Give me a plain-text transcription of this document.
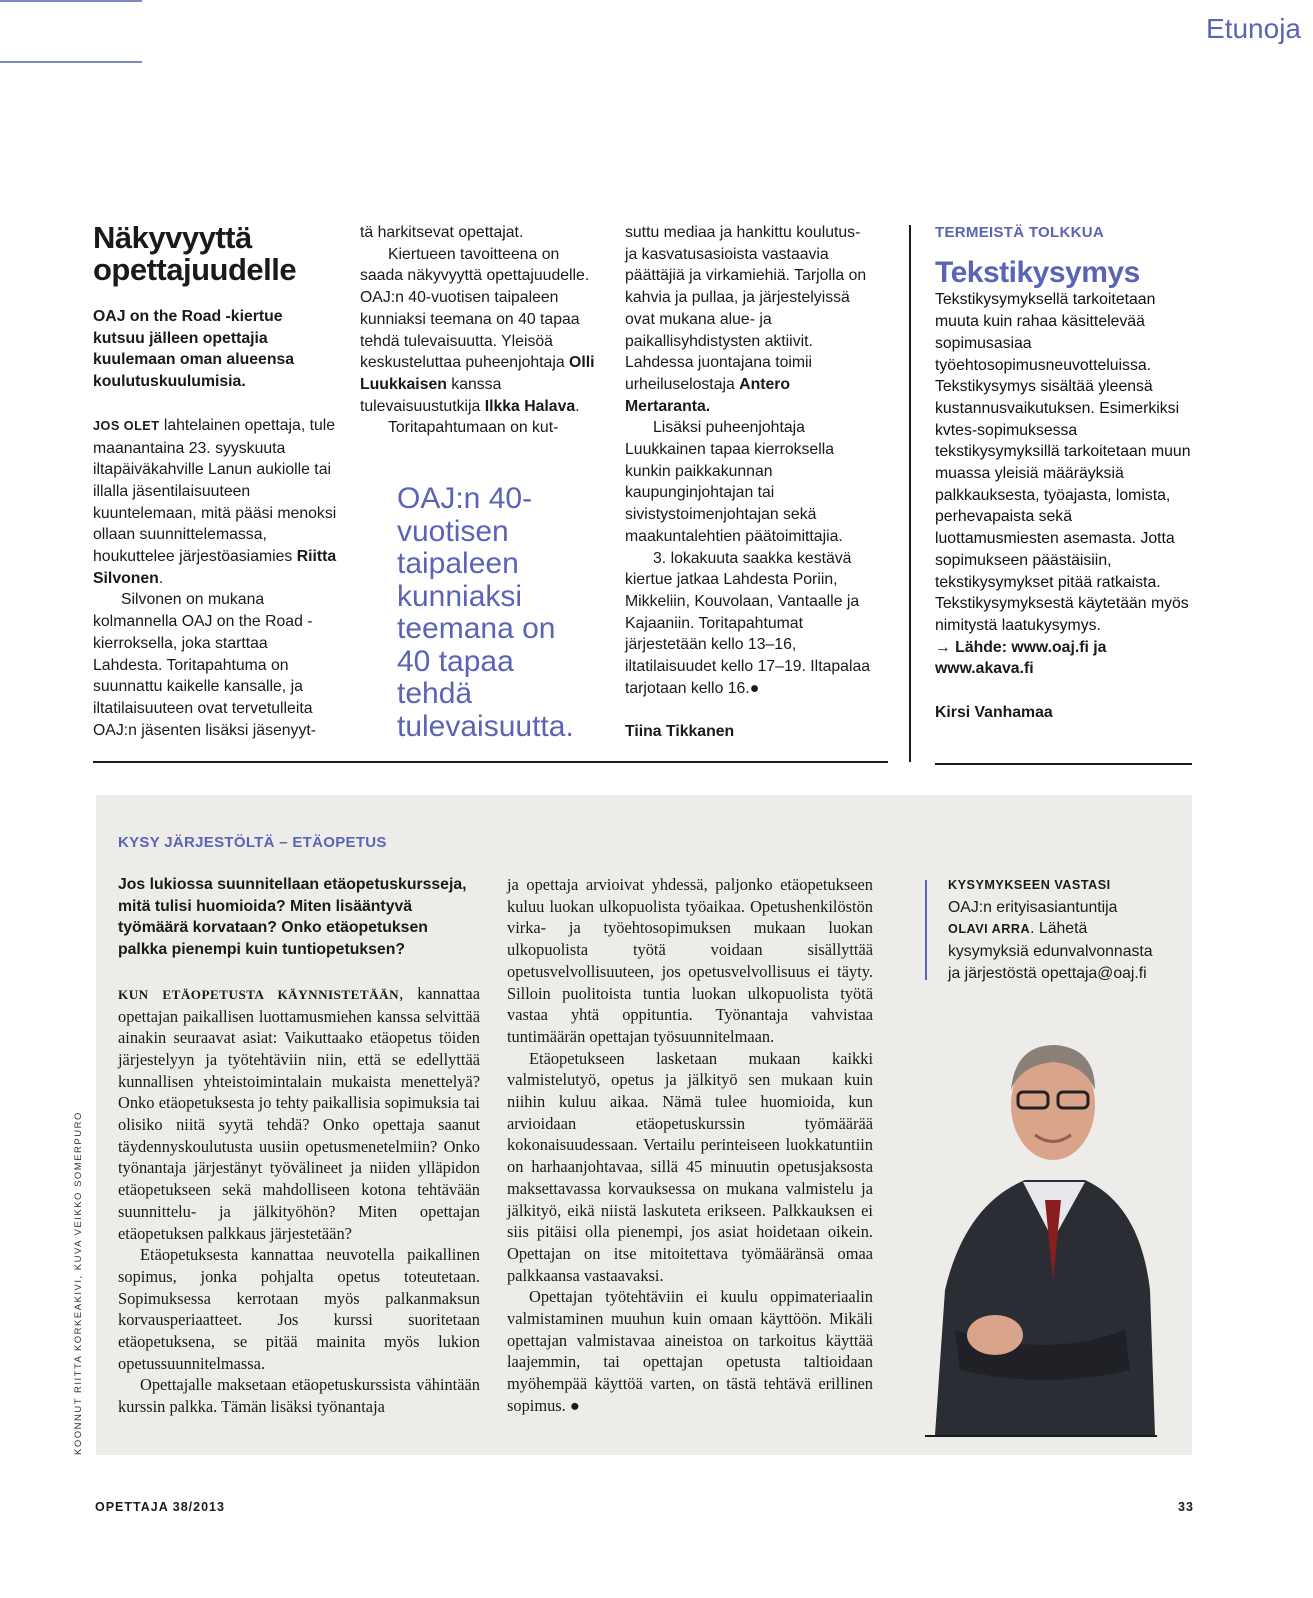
Etunoja
Näkyvyyttä opettajuudelle

OAJ on the Road -kiertue kutsuu jälleen opettajia kuulemaan oman alueensa koulutuskuulumisia.

JOS OLET lahtelainen opettaja, tule maanantaina 23. syyskuuta iltapäiväkahville Lanun aukiolle tai illalla jäsentilaisuuteen kuuntelemaan, mitä pääsi menoksi ollaan suunnittelemassa, houkuttelee järjestöasiamies Riitta Silvonen.

Silvonen on mukana kolmannella OAJ on the Road -kierroksella, joka starttaa Lahdesta. Toritapahtuma on suunnattu kaikelle kansalle, ja iltatilaisuuteen ovat tervetulleita OAJ:n jäsenten lisäksi jäsenyyt-

tä harkitsevat opettajat.

Kiertueen tavoitteena on saada näkyvyyttä opettajuudelle. OAJ:n 40-vuotisen taipaleen kunniaksi teemana on 40 tapaa tehdä tulevaisuutta. Yleisöä keskusteluttaa puheenjohtaja Olli Luukkaisen kanssa tulevaisuustutkija Ilkka Halava.

Toritapahtumaan on kut-

OAJ:n 40-vuotisen taipaleen kunniaksi teemana on 40 tapaa tehdä tulevaisuutta.

suttu mediaa ja hankittu koulutus- ja kasvatusasioista vastaavia päättäjiä ja virkamiehiä. Tarjolla on kahvia ja pullaa, ja järjestelyissä ovat mukana alue- ja paikallisyhdistysten aktiivit. Lahdessa juontajana toimii urheiluselostaja Antero Mertaranta.

Lisäksi puheenjohtaja Luukkainen tapaa kierroksella kunkin paikkakunnan kaupunginjohtajan tai sivistystoimenjohtajan sekä maakuntalehtien päätoimittajia.

3. lokakuuta saakka kestävä kiertue jatkaa Lahdesta Poriin, Mikkeliin, Kouvolaan, Vantaalle ja Kajaaniin. Toritapahtumat järjestetään kello 13–16, iltatilaisuudet kello 17–19. Iltapalaa tarjotaan kello 16.●

Tiina Tikkanen

TERMEISTÄ TOLKKUA
Tekstikysymys

Tekstikysymyksellä tarkoitetaan muuta kuin rahaa käsittelevää sopimusasiaa työehtosopimusneuvotteluissa. Tekstikysymys sisältää yleensä kustannusvaikutuksen. Esimerkiksi kvtes-sopimuksessa tekstikysymyksillä tarkoitetaan muun muassa yleisiä määräyksiä palkkauksesta, työajasta, lomista, perhevapaista sekä luottamusmiesten asemasta. Jotta sopimukseen päästäisiin, tekstikysymykset pitää ratkaista. Tekstikysymyksestä käytetään myös nimitystä laatukysymys.

→ Lähde: www.oaj.fi ja www.akava.fi

Kirsi Vanhamaa

KYSY JÄRJESTÖLTÄ – ETÄOPETUS
Jos lukiossa suunnitellaan etäopetuskursseja, mitä tulisi huomioida? Miten lisääntyvä työmäärä korvataan? Onko etäopetuksen palkka pienempi kuin tuntiopetuksen?

KUN ETÄOPETUSTA KÄYNNISTETÄÄN, kannattaa opettajan paikallisen luottamusmiehen kanssa selvittää ainakin seuraavat asiat: Vaikuttaako etäopetus töiden järjestelyyn ja työtehtäviin niin, että se edellyttää kunnallisen yhteistoimintalain mukaista menettelyä? Onko etäopetuksesta jo tehty paikallisia sopimuksia tai olisiko niitä syytä tehdä? Onko opettaja saanut täydennyskoulutusta uusiin opetusmenetelmiin? Onko työnantaja järjestänyt työvälineet ja niiden ylläpidon etäopetukseen sekä mahdolliseen kotona tehtävään suunnittelu- ja jälkityöhön? Miten opettajan etäopetuksen palkkaus järjestetään?

Etäopetuksesta kannattaa neuvotella paikallinen sopimus, jonka pohjalta opetus toteutetaan. Sopimuksessa kerrotaan myös palkanmaksun korvausperiaatteet. Jos kurssi suoritetaan etäopetuksena, se pitää mainita myös lukion opetussuunnitelmassa.

Opettajalle maksetaan etäopetuskurssista vähintään kurssin palkka. Tämän lisäksi työnantaja

ja opettaja arvioivat yhdessä, paljonko etäopetukseen kuluu luokan ulkopuolista työaikaa. Opetushenkilöstön virka- ja työehtosopimuksen mukaan luokan ulkopuolista työtä voidaan sisällyttää opetusvelvollisuuteen, jos opetusvelvollisuus ei täyty. Silloin puolitoista tuntia luokan ulkopuolista työtä vastaa yhtä oppituntia. Työnantaja vahvistaa tuntimäärän opettajan työsuunnitelmaan.

Etäopetukseen lasketaan mukaan kaikki valmistelutyö, opetus ja jälkityö sen mukaan kuin niihin kuluu aikaa. Nämä tulee huomioida, kun arvioidaan etäopetuskurssin työmäärää kokonaisuudessaan. Vertailu perinteiseen luokkatuntiin on harhaanjohtavaa, sillä 45 minuutin opetusjaksosta maksettavassa korvauksessa on mukana valmistelu ja jälkityö, eikä niistä laskuteta erikseen. Palkkauksen ei siis pitäisi olla pienempi, jos asiat hoidetaan oikein. Opettajan on itse mitoitettava työmääränsä omaa palkkaansa vastaavaksi.

Opettajan työtehtäviin ei kuulu oppimateriaalin valmistaminen muuhun kuin omaan käyttöön. Mikäli opettajan valmistavaa aineistoa on tarkoitus käyttää laajemmin, tai opettajan opetusta taltioidaan myöhempää käyttöä varten, on tästä tehtävä erillinen sopimus. ●

KYSYMYKSEEN VASTASI OAJ:n erityisasiantuntija OLAVI ARRA. Lähetä kysymyksiä edunvalvonnasta ja järjestöstä opettaja@oaj.fi

KOONNUT RIITTA KORKEAKIVI, KUVA VEIKKO SOMERPURO
OPETTAJA 38/2013	33
